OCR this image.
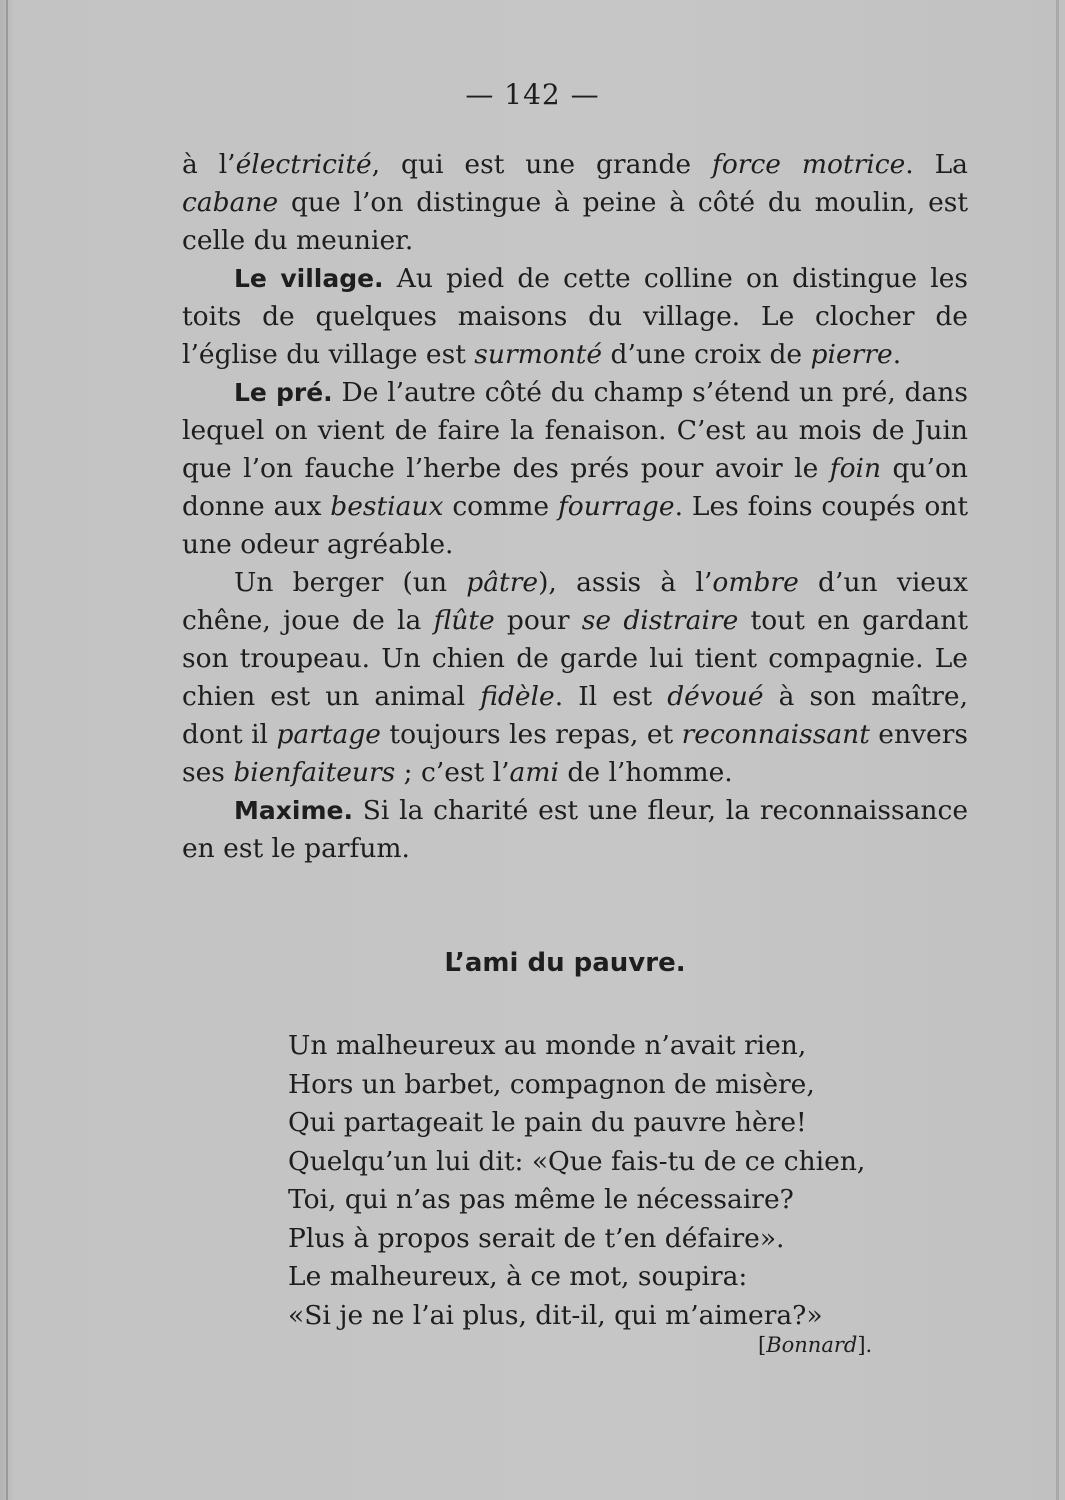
— 142 —

à l’électricité, qui est une grande force motrice. La cabane que l’on distingue à peine à côté du moulin, est celle du meunier.

Le village. Au pied de cette colline on distingue les toits de quelques maisons du village. Le clocher de l’église du village est surmonté d’une croix de pierre.

Le pré. De l’autre côté du champ s’étend un pré, dans lequel on vient de faire la fenaison. C’est au mois de Juin que l’on fauche l’herbe des prés pour avoir le foin qu’on donne aux bestiaux comme fourrage. Les foins coupés ont une odeur agréable.

Un berger (un pâtre), assis à l’ombre d’un vieux chêne, joue de la flûte pour se distraire tout en gardant son troupeau. Un chien de garde lui tient compagnie. Le chien est un animal fidèle. Il est dévoué à son maître, dont il partage toujours les repas, et reconnaissant envers ses bienfaiteurs ; c’est l’ami de l’homme.

Maxime. Si la charité est une fleur, la reconnaissance en est le parfum.

L’ami du pauvre.
Un malheureux au monde n’avait rien,
Hors un barbet, compagnon de misère,
Qui partageait le pain du pauvre hère!
Quelqu’un lui dit: «Que fais-tu de ce chien,
Toi, qui n’as pas même le nécessaire?
Plus à propos serait de t’en défaire».
Le malheureux, à ce mot, soupira:
«Si je ne l’ai plus, dit-il, qui m’aimera?»
[Bonnard].
